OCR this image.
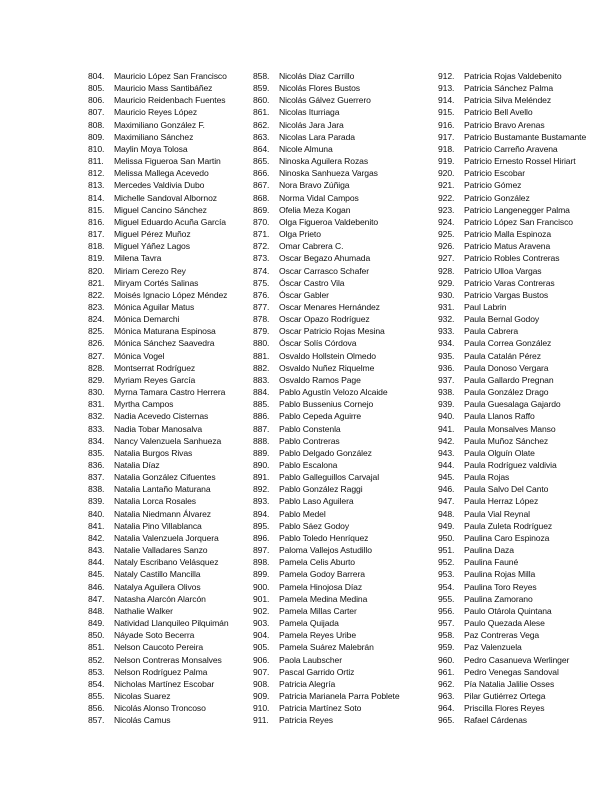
804.	Mauricio López San Francisco
805.	Mauricio Mass Santibáñez
806.	Mauricio Reidenbach Fuentes
807.	Mauricio Reyes López
808.	Maximiliano González F.
809.	Maximiliano Sánchez
810.	Maylin Moya Tolosa
811.	Melissa Figueroa San Martin
812.	Melissa Mallega Acevedo
813.	Mercedes Valdivia Dubo
814.	Michelle Sandoval Albornoz
815.	Miguel Cancino Sánchez
816.	Miguel Eduardo Acuña García
817.	Miguel Pérez Muñoz
818.	Miguel Yáñez Lagos
819.	Milena Tavra
820.	Miriam Cerezo Rey
821.	Miryam Cortés Salinas
822.	Moisés Ignacio López Méndez
823.	Mónica Aguilar Matus
824.	Mónica Demarchi
825.	Mónica Maturana Espinosa
826.	Mónica Sánchez Saavedra
827.	Mónica Vogel
828.	Montserrat Rodríguez
829.	Myriam Reyes García
830.	Myrna Tamara Castro Herrera
831.	Myrtha Campos
832.	Nadia Acevedo Cisternas
833.	Nadia Tobar Manosalva
834.	Nancy Valenzuela Sanhueza
835.	Natalia Burgos Rivas
836.	Natalia Díaz
837.	Natalia González Cifuentes
838.	Natalia Lantaño Maturana
839.	Natalia Lorca Rosales
840.	Natalia Niedmann Álvarez
841.	Natalia Pino Villablanca
842.	Natalia Valenzuela Jorquera
843.	Natalie Valladares Sanzo
844.	Nataly Escribano Velásquez
845.	Nataly Castillo Mancilla
846.	Natalya Aguilera Olivos
847.	Natasha Alarcón Alarcón
848.	Nathalie Walker
849.	Natividad Llanquileo Pilquimán
850.	Náyade Soto Becerra
851.	Nelson Caucoto Pereira
852.	Nelson Contreras Monsalves
853.	Nelson Rodríguez Palma
854.	Nicholas Martínez Escobar
855.	Nicolas Suarez
856.	Nicolás Alonso Troncoso
857.	Nicolás Camus
858.	Nicolás Diaz Carrillo
859.	Nicolás Flores Bustos
860.	Nicolás Gálvez Guerrero
861.	Nicolas Iturriaga
862.	Nicolás Jara Jara
863.	Nicolas Lara Parada
864.	Nicole Almuna
865.	Ninoska Aguilera Rozas
866.	Ninoska Sanhueza Vargas
867.	Nora Bravo Zúñiga
868.	Norma Vidal Campos
869.	Ofelia Meza Kogan
870.	Olga Figueroa Valdebenito
871.	Olga Prieto
872.	Omar Cabrera C.
873.	Oscar Begazo Ahumada
874.	Oscar Carrasco Schafer
875.	Óscar Castro Vila
876.	Óscar Gabler
877.	Oscar Menares Hernández
878.	Oscar Opazo Rodríguez
879.	Oscar Patricio Rojas Mesina
880.	Óscar Solís Córdova
881.	Osvaldo Hollstein Olmedo
882.	Osvaldo Nuñez Riquelme
883.	Osvaldo Ramos Page
884.	Pablo Agustín Velozo Alcaide
885.	Pablo Bussenius Cornejo
886.	Pablo Cepeda Aguirre
887.	Pablo Constenla
888.	Pablo Contreras
889.	Pablo Delgado González
890.	Pablo Escalona
891.	Pablo Galleguillos Carvajal
892.	Pablo González Raggi
893.	Pablo Laso Aguilera
894.	Pablo Medel
895.	Pablo Sáez Godoy
896.	Pablo Toledo Henríquez
897.	Paloma Vallejos Astudillo
898.	Pamela Celis Aburto
899.	Pamela Godoy Barrera
900.	Pamela Hinojosa Díaz
901.	Pamela Medina Medina
902.	Pamela Millas Carter
903.	Pamela Quijada
904.	Pamela Reyes Uribe
905.	Pamela Suárez Malebrán
906.	Paola Laubscher
907.	Pascal Garrido Ortiz
908.	Patricia Alegría
909.	Patricia Marianela Parra Poblete
910.	Patricia Martínez Soto
911.	Patricia Reyes
912.	Patricia Rojas Valdebenito
913.	Patricia Sánchez Palma
914.	Patricia Silva Meléndez
915.	Patricio Bell Avello
916.	Patricio Bravo Arenas
917.	Patricio Bustamante Bustamante
918.	Patricio Carreño Aravena
919.	Patricio Ernesto Rossel Hiriart
920.	Patricio Escobar
921.	Patricio Gómez
922.	Patricio González
923.	Patricio Langenegger Palma
924.	Patricio López San Francisco
925.	Patricio Malla Espinoza
926.	Patricio Matus Aravena
927.	Patricio Robles Contreras
928.	Patricio Ulloa Vargas
929.	Patricio Varas Contreras
930.	Patricio Vargas Bustos
931.	Paul Labrin
932.	Paula Bernal Godoy
933.	Paula Cabrera
934.	Paula Correa González
935.	Paula Catalán Pérez
936.	Paula Donoso Vergara
937.	Paula Gallardo Pregnan
938.	Paula González Drago
939.	Paula Guesalaga Gajardo
940.	Paula Llanos Raffo
941.	Paula Monsalves Manso
942.	Paula Muñoz Sánchez
943.	Paula Olguín Olate
944.	Paula Rodríguez valdivia
945.	Paula Rojas
946.	Paula Salvo Del Canto
947.	Paula Herraz López
948.	Paula Vial Reynal
949.	Paula Zuleta Rodríguez
950.	Paulina Caro Espinoza
951.	Paulina Daza
952.	Paulina Fauné
953.	Paulina Rojas Milla
954.	Paulina Toro Reyes
955.	Paulina Zamorano
956.	Paulo Otárola Quintana
957.	Paulo Quezada Alese
958.	Paz Contreras Vega
959.	Paz Valenzuela
960.	Pedro Casanueva Werlinger
961.	Pedro Venegas Sandoval
962.	Pía Natalia Jalilie Osses
963.	Pilar Gutiérrez Ortega
964.	Priscilla Flores Reyes
965.	Rafael Cárdenas
